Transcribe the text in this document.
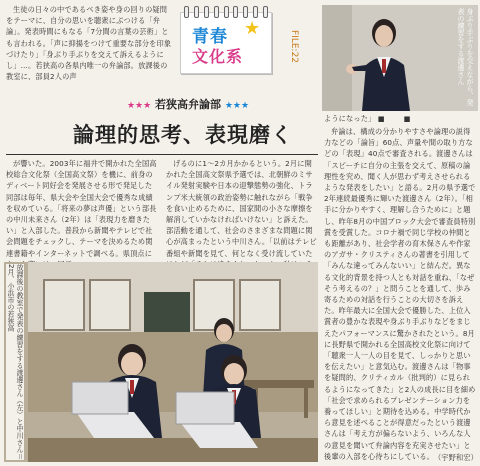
青春 ★
文化系	FILE:22

生徒の日々の中であるべき姿や身の回りの疑問をテーマに、自分の思いを聴衆にぶつける「弁論」。発表時間にもなる「7分間の言葉の芸術」とも言われる。「声に抑揚をつけて重要な部分を印象づけたり」「身ぶり手ぶりを交えて訴えるようにし」…。若狭高の各県内唯一の弁論部。放課後の教室に、部員2人の声	身ぶり手ぶりを交えながら、発表の練習をする渡邊さん
★★★ 若狭高弁論部 ★★★
論理的思考、表現磨く
ようになった」 ■　■

弁論は、構成の分かりやすさや論理の説得力などの「論旨」60点、声量や間の取り方などの「表現」40点で審査される。渡邊さんは「スピーチに自分の主張を交えて、原稿の論理性を究め、聞く人が思わず考えさせられるような発表をしたい」と語る。2月の県予選で2年連続最優秀に輝いた渡邊さん（2年）。「相手に分かりやすく、理解し合うために」と題し、昨年8月の中国ブロック大会で審査員特別賞を受賞した。コロナ禍で同じ学校の仲間とも距離があり、社会学者の育木保さんや作家のアガサ・クリスティさんの著書を引用して「みんな違ってみんないい」と結んだ。異なる文化的背景を持つ人とも対話を重ね、「なぜそう考えるの？」と問うことを通して、歩み寄るための対話を行うことの大切さを訴えた。昨年最大に全国大会で優勝した、上位入賞者の豊かな表現や身ぶり手ぶりなどをまじえたパフォーマンスに驚かされたという。8月に長野県で開かれる全国高校文化祭に向けて「聴衆一人一人の目を見て、しっかりと思いを伝えたい」と意気込む。渡邊さんは「物事を疑問的、クリティカル（批判的）に見られるようになってきた」と2人の成長に目を細め「社会で求められるプレゼンテーション力を養ってほしい」と期待を込める。中学時代から意見を述べることが得意だったという渡邊さんは「考え方が偏らないよう、いろんな人の意見を聞いて弁論内容を充実させたい」と後輩の入部を心待ちにしている。 （宇野和宏）

が響いた。2003年に福井で開かれた全国高校総合文化祭（全国高文祭）を機に、前身のディベート同好会を発展させる形で発足した同部は毎年、県大会や全国大会で優秀な成績を収めている。「将来の夢は声優」という部長の中川未来さん（2年）は「表現力を磨きたい」と入部した。普段から新聞やテレビで社会問題をチェックし、テーマを決めるため関連書籍やインターネットで調べる。県頂点に

げるのに1〜2カ月かかるという。2月に開かれた全国高文祭県予選では、北朝鮮のミサイル発射実験や日本の迎撃態勢の強化、トランプ米大統領の政治姿勢に触れながら「戦争を食い止めるために、国家間の小さな摩擦を解消していかなければいけない」と訴えた。部活動を通して、社会のさまざまな問題に関心が高まったという中川さん。「以前はテレビ番組や新聞を見て、何となく受け流していた

放課後の教室で発表の練習をする渡邊さん（左）と中川さん＝2月、小浜市の若狭高
